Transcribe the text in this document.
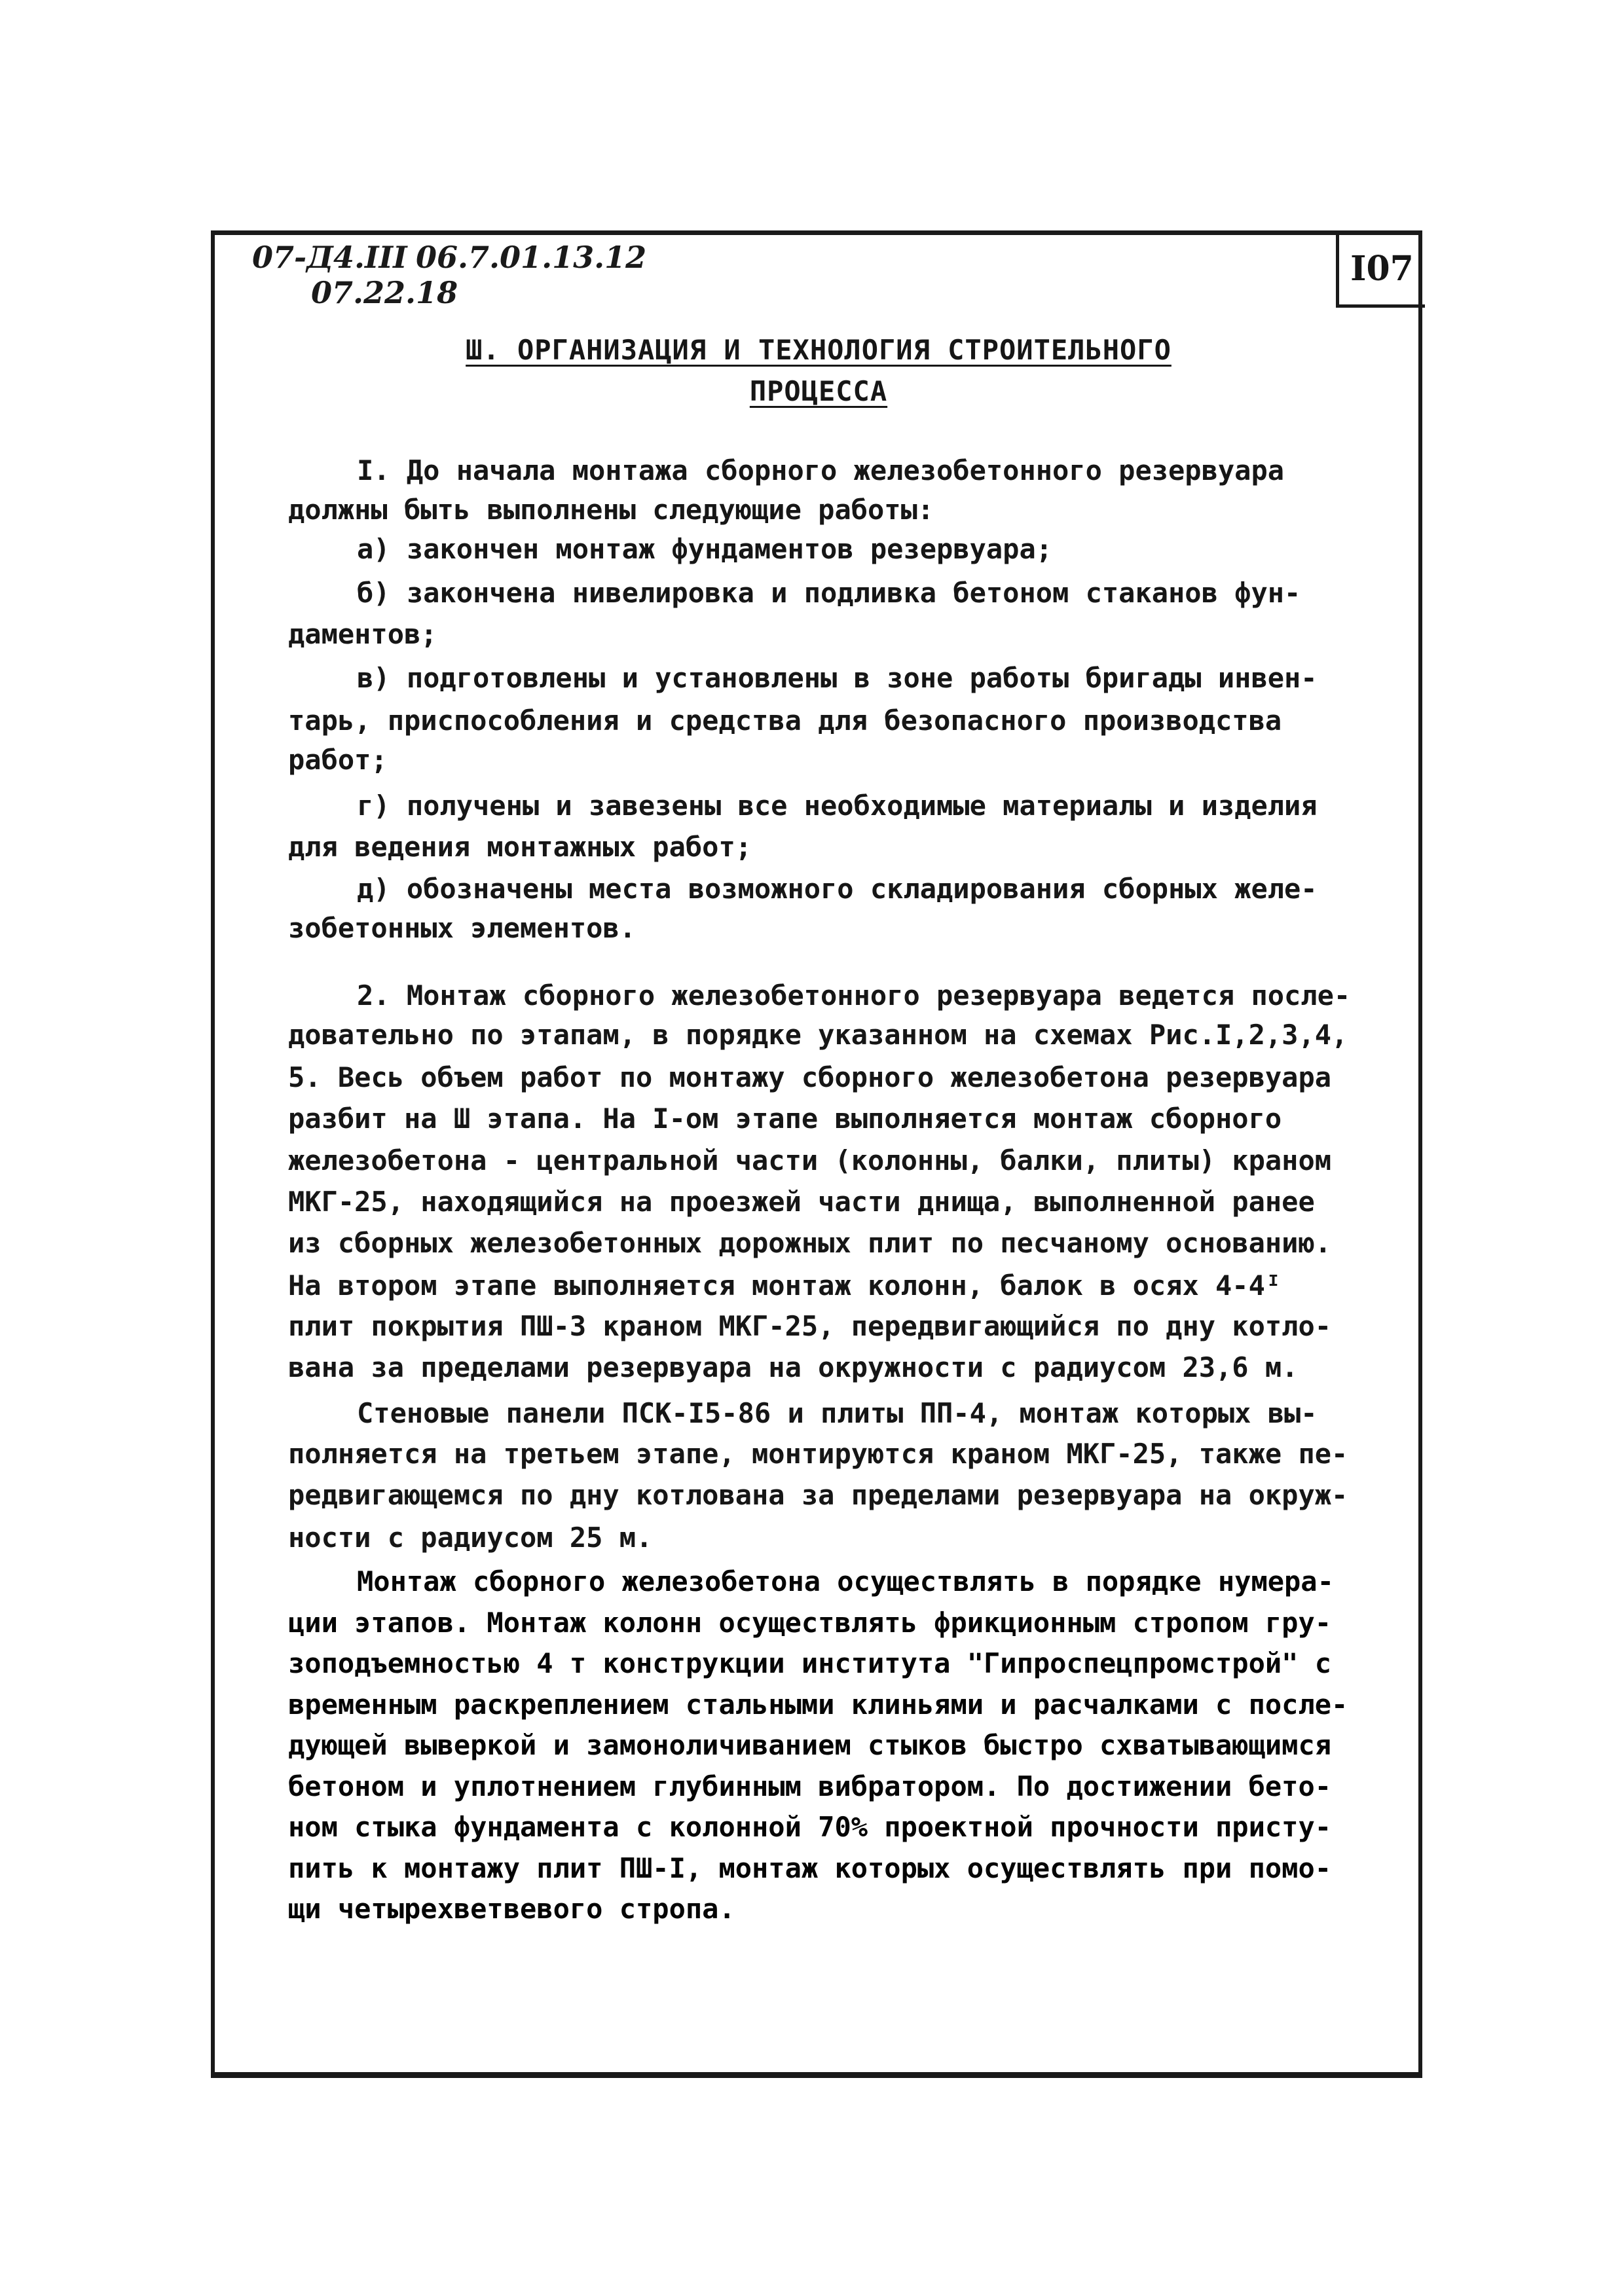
I07
07-Д4.III 06.7.01.13.12
07.22.18
Ш. ОРГАНИЗАЦИЯ И ТЕХНОЛОГИЯ СТРОИТЕЛЬНОГО
ПРОЦЕССА
I. До начала монтажа сборного железобетонного резервуара
должны быть выполнены следующие работы:
а) закончен монтаж фундаментов резервуара;
б) закончена нивелировка и подливка бетоном стаканов фун-
даментов;
в) подготовлены и установлены в зоне работы бригады инвен-
тарь, приспособления и средства для безопасного производства
работ;
г) получены и завезены все необходимые материалы и изделия
для ведения монтажных работ;
д) обозначены места возможного складирования сборных желе-
зобетонных элементов.
2. Монтаж сборного железобетонного резервуара ведется после-
довательно по этапам, в порядке указанном на схемах Рис.I,2,3,4,
5. Весь объем работ по монтажу сборного железобетона резервуара
разбит на Ш этапа. На I-ом этапе выполняется монтаж сборного
железобетона - центральной части (колонны, балки, плиты) краном
МКГ-25, находящийся на проезжей части днища, выполненной ранее
из сборных железобетонных дорожных плит по песчаному основанию.
На втором этапе выполняется монтаж колонн, балок в осях 4-4ᴵ
плит покрытия ПШ-3 краном МКГ-25, передвигающийся по дну котло-
вана за пределами резервуара на окружности с радиусом 23,6 м.
Стеновые панели ПСК-I5-86 и плиты ПП-4, монтаж которых вы-
полняется на третьем этапе, монтируются краном МКГ-25, также пе-
редвигающемся по дну котлована за пределами резервуара на окруж-
ности с радиусом 25 м.
Монтаж сборного железобетона осуществлять в порядке нумера-
ции этапов. Монтаж колонн осуществлять фрикционным стропом гру-
зоподъемностью 4 т конструкции института "Гипроспецпромстрой" с
временным раскреплением стальными клиньями и расчалками с после-
дующей выверкой и замоноличиванием стыков быстро схватывающимся
бетоном и уплотнением глубинным вибратором. По достижении бето-
ном стыка фундамента с колонной 70% проектной прочности присту-
пить к монтажу плит ПШ-I, монтаж которых осуществлять при помо-
щи четырехветвевого стропа.
